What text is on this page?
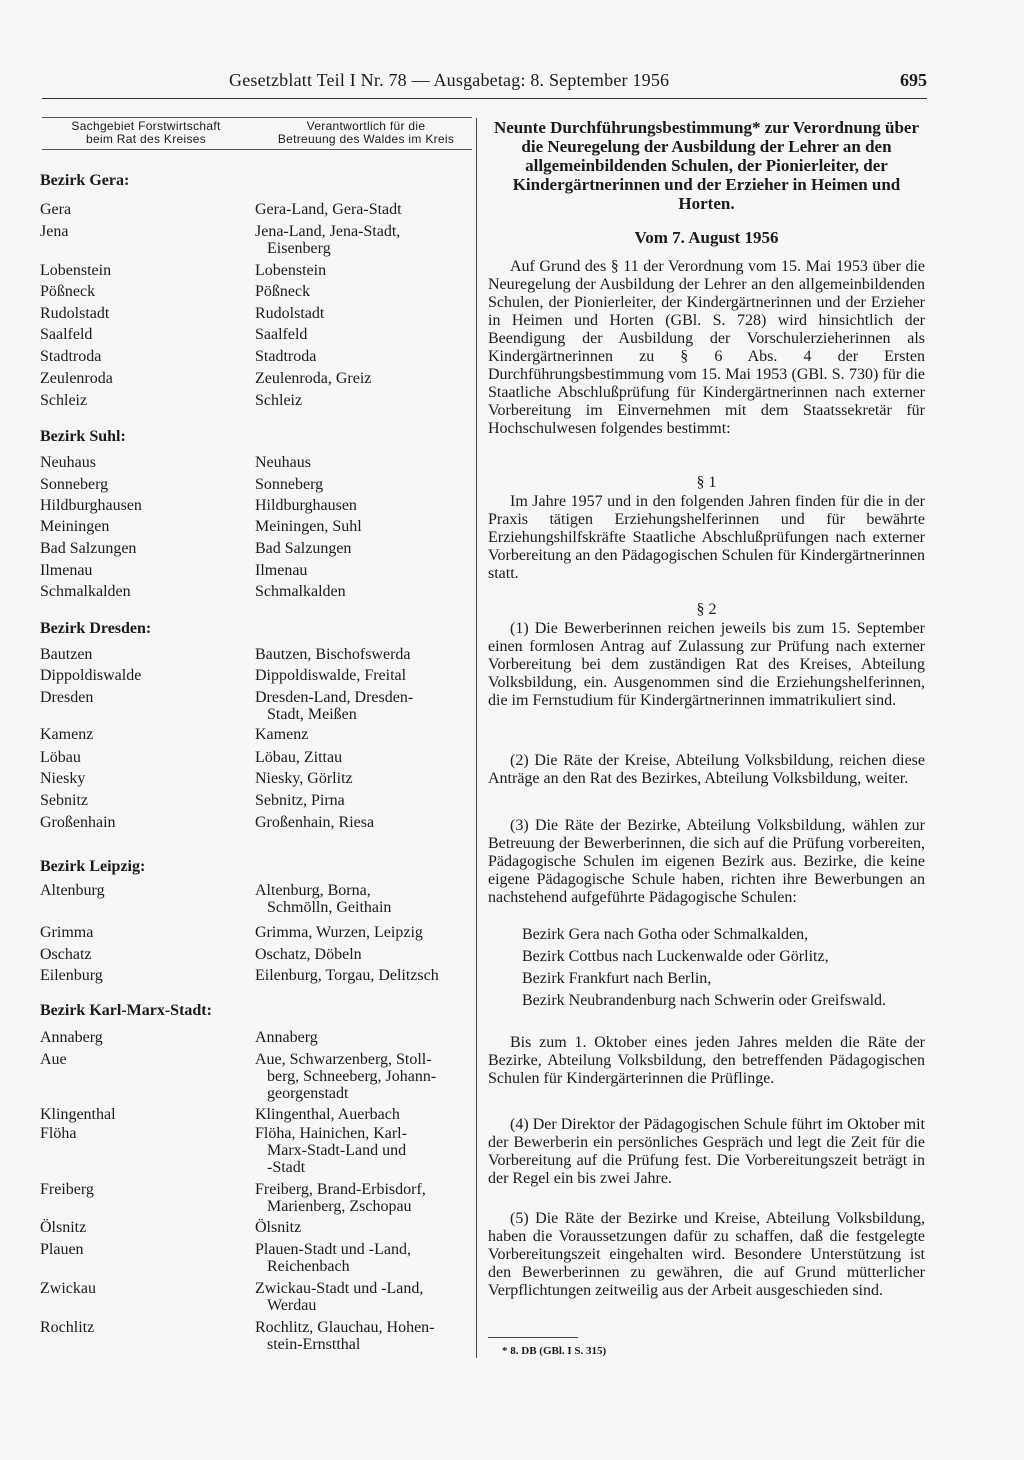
Gesetzblatt Teil I Nr. 78 — Ausgabetag: 8. September 1956	695
Sachgebiet Forstwirtschaft
beim Rat des Kreises
Verantwortlich für die
Betreuung des Waldes im Kreis
Bezirk Gera:
Gera	Gera-Land, Gera-Stadt
Jena	Jena-Land, Jena-Stadt,
Eisenberg
Lobenstein	Lobenstein
Pößneck	Pößneck
Rudolstadt	Rudolstadt
Saalfeld	Saalfeld
Stadtroda	Stadtroda
Zeulenroda	Zeulenroda, Greiz
Schleiz	Schleiz
Bezirk Suhl:
Neuhaus	Neuhaus
Sonneberg	Sonneberg
Hildburghausen	Hildburghausen
Meiningen	Meiningen, Suhl
Bad Salzungen	Bad Salzungen
Ilmenau	Ilmenau
Schmalkalden	Schmalkalden
Bezirk Dresden:
Bautzen	Bautzen, Bischofswerda
Dippoldiswalde	Dippoldiswalde, Freital
Dresden	Dresden-Land, Dresden-
Stadt, Meißen
Kamenz	Kamenz
Löbau	Löbau, Zittau
Niesky	Niesky, Görlitz
Sebnitz	Sebnitz, Pirna
Großenhain	Großenhain, Riesa
Bezirk Leipzig:
Altenburg	Altenburg, Borna,
Schmölln, Geithain
Grimma	Grimma, Wurzen, Leipzig
Oschatz	Oschatz, Döbeln
Eilenburg	Eilenburg, Torgau, Delitzsch
Bezirk Karl-Marx-Stadt:
Annaberg	Annaberg
Aue	Aue, Schwarzenberg, Stoll-
berg, Schneeberg, Johann-
georgenstadt
Klingenthal	Klingenthal, Auerbach
Flöha	Flöha, Hainichen, Karl-
Marx-Stadt-Land und
-Stadt
Freiberg	Freiberg, Brand-Erbisdorf,
Marienberg, Zschopau
Ölsnitz	Ölsnitz
Plauen	Plauen-Stadt und -Land,
Reichenbach
Zwickau	Zwickau-Stadt und -Land,
Werdau
Rochlitz	Rochlitz, Glauchau, Hohen-
stein-Ernstthal
Neunte Durchführungsbestimmung* zur Verordnung über die Neuregelung der Ausbildung der Lehrer an den allgemeinbildenden Schulen, der Pionierleiter, der Kindergärtnerinnen und der Erzieher in Heimen und Horten.
Vom 7. August 1956
Auf Grund des § 11 der Verordnung vom 15. Mai 1953 über die Neuregelung der Ausbildung der Lehrer an den allgemeinbildenden Schulen, der Pionierleiter, der Kindergärtnerinnen und der Erzieher in Heimen und Horten (GBl. S. 728) wird hinsichtlich der Beendigung der Ausbildung der Vorschulerzieherinnen als Kindergärtnerinnen zu § 6 Abs. 4 der Ersten Durchführungsbestimmung vom 15. Mai 1953 (GBl. S. 730) für die Staatliche Abschlußprüfung für Kindergärtnerinnen nach externer Vorbereitung im Einvernehmen mit dem Staatssekretär für Hochschulwesen folgendes bestimmt:
§ 1
Im Jahre 1957 und in den folgenden Jahren finden für die in der Praxis tätigen Erziehungshelferinnen und für bewährte Erziehungshilfskräfte Staatliche Abschlußprüfungen nach externer Vorbereitung an den Pädagogischen Schulen für Kindergärtnerinnen statt.
§ 2
(1) Die Bewerberinnen reichen jeweils bis zum 15. September einen formlosen Antrag auf Zulassung zur Prüfung nach externer Vorbereitung bei dem zuständigen Rat des Kreises, Abteilung Volksbildung, ein. Ausgenommen sind die Erziehungshelferinnen, die im Fernstudium für Kindergärtnerinnen immatrikuliert sind.
(2) Die Räte der Kreise, Abteilung Volksbildung, reichen diese Anträge an den Rat des Bezirkes, Abteilung Volksbildung, weiter.
(3) Die Räte der Bezirke, Abteilung Volksbildung, wählen zur Betreuung der Bewerberinnen, die sich auf die Prüfung vorbereiten, Pädagogische Schulen im eigenen Bezirk aus. Bezirke, die keine eigene Pädagogische Schule haben, richten ihre Bewerbungen an nachstehend aufgeführte Pädagogische Schulen:
Bezirk Gera nach Gotha oder Schmalkalden,
Bezirk Cottbus nach Luckenwalde oder Görlitz,
Bezirk Frankfurt nach Berlin,
Bezirk Neubrandenburg nach Schwerin oder Greifswald.
Bis zum 1. Oktober eines jeden Jahres melden die Räte der Bezirke, Abteilung Volksbildung, den betreffenden Pädagogischen Schulen für Kindergärterinnen die Prüflinge.
(4) Der Direktor der Pädagogischen Schule führt im Oktober mit der Bewerberin ein persönliches Gespräch und legt die Zeit für die Vorbereitung auf die Prüfung fest. Die Vorbereitungszeit beträgt in der Regel ein bis zwei Jahre.
(5) Die Räte der Bezirke und Kreise, Abteilung Volksbildung, haben die Voraussetzungen dafür zu schaffen, daß die festgelegte Vorbereitungszeit eingehalten wird. Besondere Unterstützung ist den Bewerberinnen zu gewähren, die auf Grund mütterlicher Verpflichtungen zeitweilig aus der Arbeit ausgeschieden sind.
* 8. DB (GBl. I S. 315)
